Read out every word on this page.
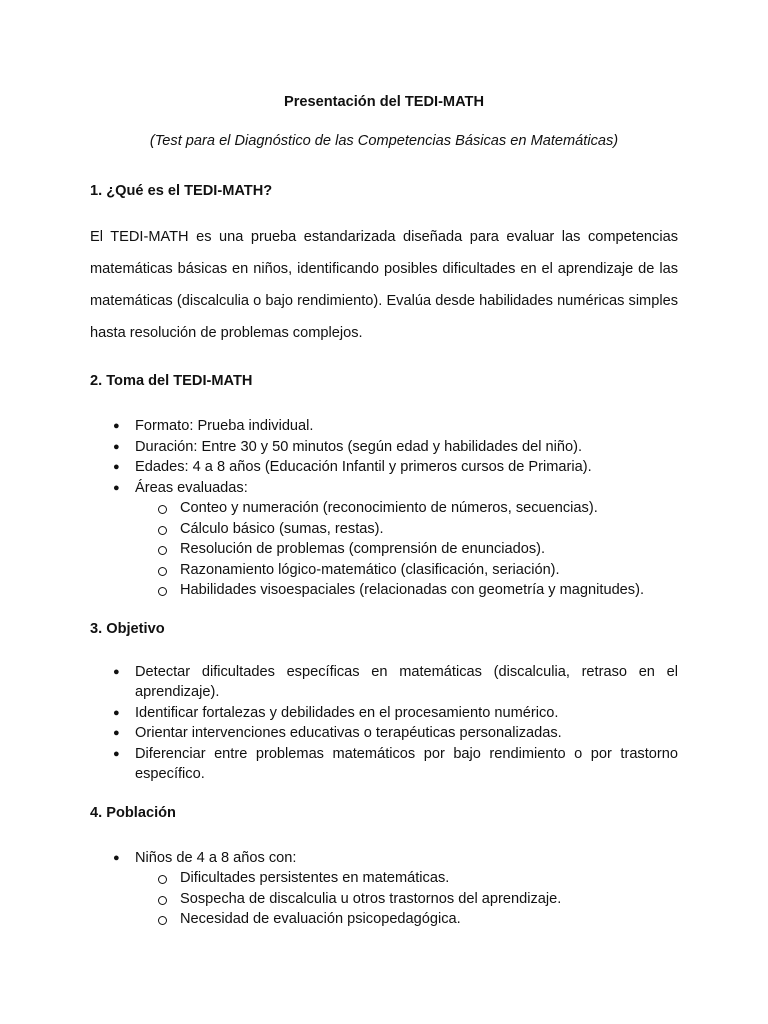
Presentación del TEDI-MATH

(Test para el Diagnóstico de las Competencias Básicas en Matemáticas)

1. ¿Qué es el TEDI-MATH?

El TEDI-MATH es una prueba estandarizada diseñada para evaluar las competencias matemáticas básicas en niños, identificando posibles dificultades en el aprendizaje de las matemáticas (discalculia o bajo rendimiento). Evalúa desde habilidades numéricas simples hasta resolución de problemas complejos.

2. Toma del TEDI-MATH

● Formato: Prueba individual.
● Duración: Entre 30 y 50 minutos (según edad y habilidades del niño).
● Edades: 4 a 8 años (Educación Infantil y primeros cursos de Primaria).
● Áreas evaluadas:
Conteo y numeración (reconocimiento de números, secuencias).
Cálculo básico (sumas, restas).
Resolución de problemas (comprensión de enunciados).
Razonamiento lógico-matemático (clasificación, seriación).
Habilidades visoespaciales (relacionadas con geometría y magnitudes).

3. Objetivo

● Detectar dificultades específicas en matemáticas (discalculia, retraso en el aprendizaje).
● Identificar fortalezas y debilidades en el procesamiento numérico.
● Orientar intervenciones educativas o terapéuticas personalizadas.
● Diferenciar entre problemas matemáticos por bajo rendimiento o por trastorno específico.

4. Población

● Niños de 4 a 8 años con:
Dificultades persistentes en matemáticas.
Sospecha de discalculia u otros trastornos del aprendizaje.
Necesidad de evaluación psicopedagógica.
